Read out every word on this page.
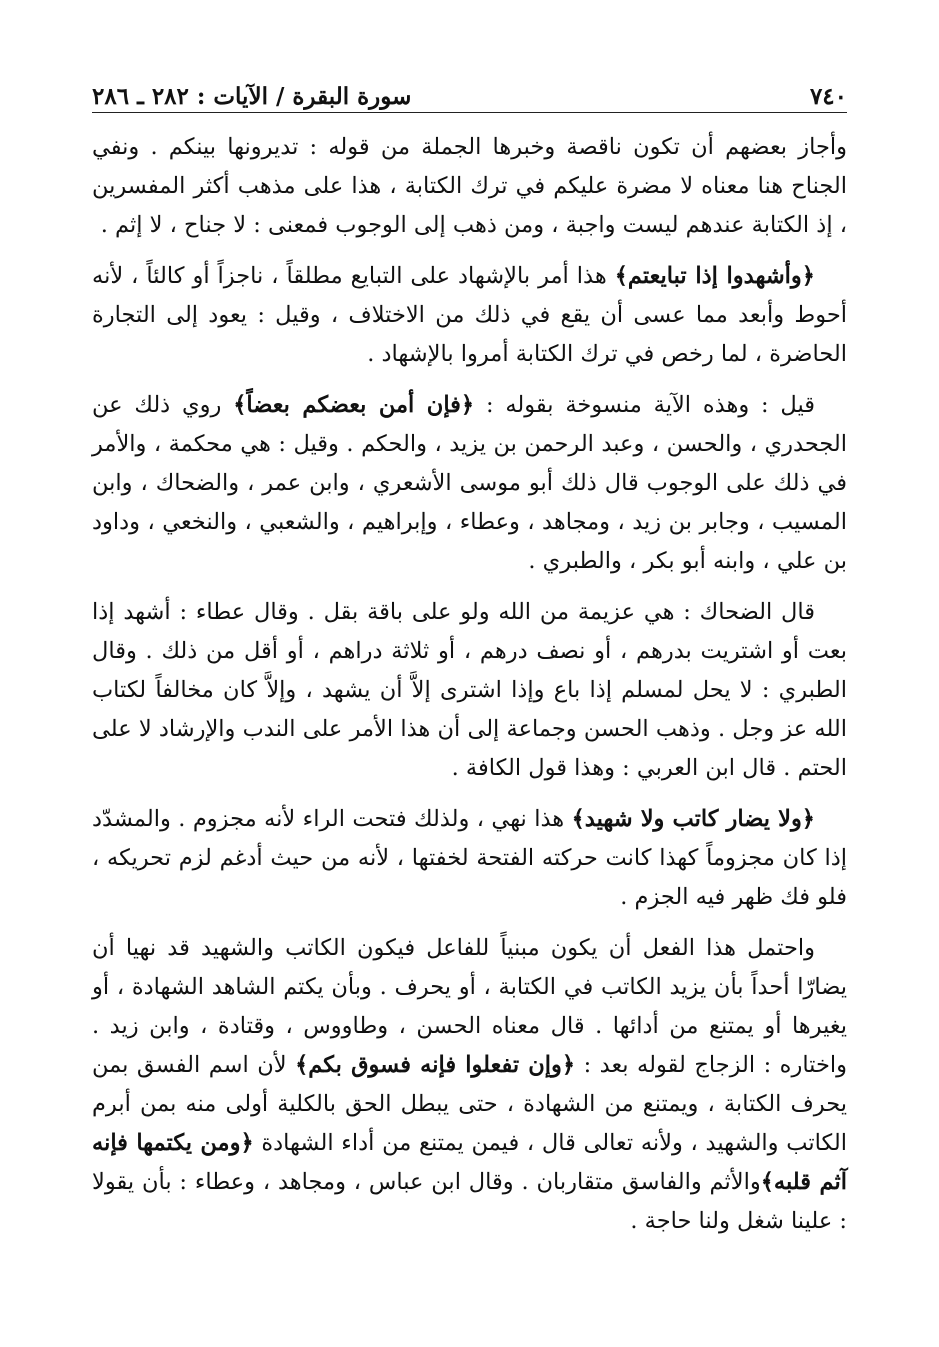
٧٤٠
سورة البقرة / الآيات : ٢٨٢ ـ ٢٨٦

وأجاز بعضهم أن تكون ناقصة وخبرها الجملة من قوله : تديرونها بينكم . ونفي الجناح هنا معناه لا مضرة عليكم في ترك الكتابة ، هذا على مذهب أكثر المفسرين ، إذ الكتابة عندهم ليست واجبة ، ومن ذهب إلى الوجوب فمعنى : لا جناح ، لا إثم .

﴿وأشهدوا إذا تبايعتم﴾ هذا أمر بالإشهاد على التبايع مطلقاً ، ناجزاً أو كالئاً ، لأنه أحوط وأبعد مما عسى أن يقع في ذلك من الاختلاف ، وقيل : يعود إلى التجارة الحاضرة ، لما رخص في ترك الكتابة أمروا بالإشهاد .

قيل : وهذه الآية منسوخة بقوله : ﴿فإن أمن بعضكم بعضاً﴾ روي ذلك عن الجحدري ، والحسن ، وعبد الرحمن بن يزيد ، والحكم . وقيل : هي محكمة ، والأمر في ذلك على الوجوب قال ذلك أبو موسى الأشعري ، وابن عمر ، والضحاك ، وابن المسيب ، وجابر بن زيد ، ومجاهد ، وعطاء ، وإبراهيم ، والشعبي ، والنخعي ، وداود بن علي ، وابنه أبو بكر ، والطبري .

قال الضحاك : هي عزيمة من الله ولو على باقة بقل . وقال عطاء : أشهد إذا بعت أو اشتريت بدرهم ، أو نصف درهم ، أو ثلاثة دراهم ، أو أقل من ذلك . وقال الطبري : لا يحل لمسلم إذا باع وإذا اشترى إلاَّ أن يشهد ، وإلاَّ كان مخالفاً لكتاب الله عز وجل . وذهب الحسن وجماعة إلى أن هذا الأمر على الندب والإرشاد لا على الحتم . قال ابن العربي : وهذا قول الكافة .

﴿ولا يضار كاتب ولا شهيد﴾ هذا نهي ، ولذلك فتحت الراء لأنه مجزوم . والمشدّد إذا كان مجزوماً كهذا كانت حركته الفتحة لخفتها ، لأنه من حيث أدغم لزم تحريكه ، فلو فك ظهر فيه الجزم .

واحتمل هذا الفعل أن يكون مبنياً للفاعل فيكون الكاتب والشهيد قد نهيا أن يضارّا أحداً بأن يزيد الكاتب في الكتابة ، أو يحرف . وبأن يكتم الشاهد الشهادة ، أو يغيرها أو يمتنع من أدائها . قال معناه الحسن ، وطاووس ، وقتادة ، وابن زيد . واختاره : الزجاج لقوله بعد : ﴿وإن تفعلوا فإنه فسوق بكم﴾ لأن اسم الفسق بمن يحرف الكتابة ، ويمتنع من الشهادة ، حتى يبطل الحق بالكلية أولى منه بمن أبرم الكاتب والشهيد ، ولأنه تعالى قال ، فيمن يمتنع من أداء الشهادة ﴿ومن يكتمها فإنه آثم قلبه﴾والأثم والفاسق متقاربان . وقال ابن عباس ، ومجاهد ، وعطاء : بأن يقولا : علينا شغل ولنا حاجة .
